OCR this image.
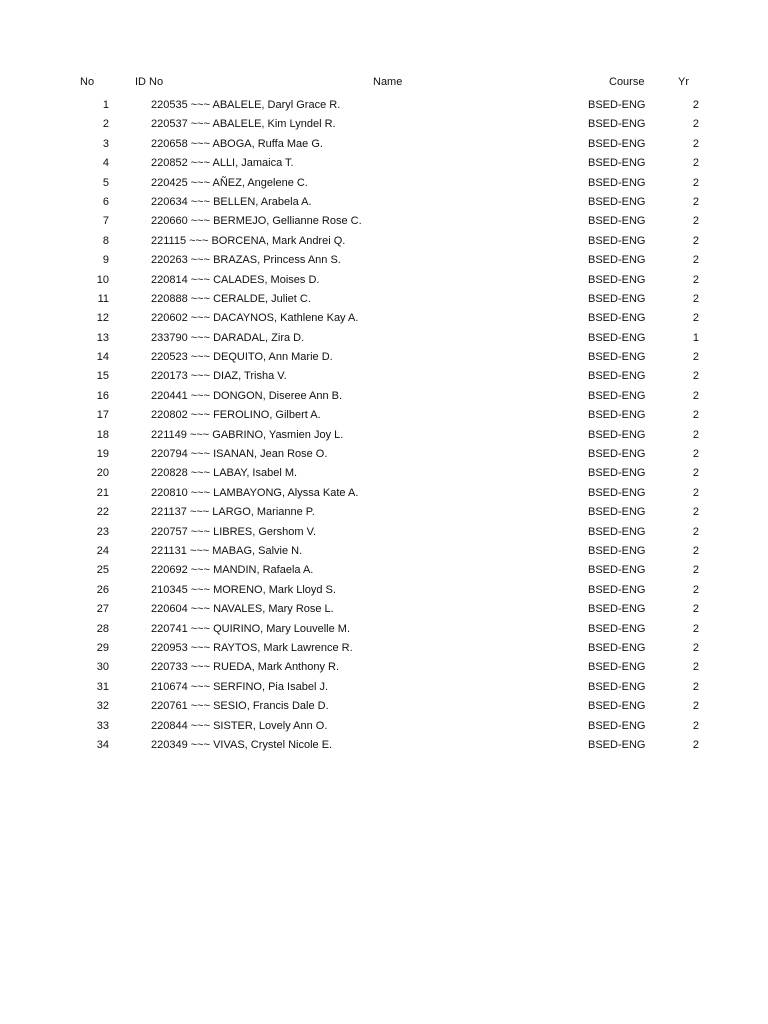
No	ID No	Name	Course	Yr
1	220535 ~~~ ABALELE, Daryl Grace R.	BSED-ENG	2
2	220537 ~~~ ABALELE, Kim Lyndel R.	BSED-ENG	2
3	220658 ~~~ ABOGA, Ruffa Mae G.	BSED-ENG	2
4	220852 ~~~ ALLI, Jamaica T.	BSED-ENG	2
5	220425 ~~~ AÑEZ, Angelene C.	BSED-ENG	2
6	220634 ~~~ BELLEN, Arabela A.	BSED-ENG	2
7	220660 ~~~ BERMEJO, Gellianne Rose C.	BSED-ENG	2
8	221115 ~~~ BORCENA, Mark Andrei Q.	BSED-ENG	2
9	220263 ~~~ BRAZAS, Princess Ann S.	BSED-ENG	2
10	220814 ~~~ CALADES, Moises D.	BSED-ENG	2
11	220888 ~~~ CERALDE, Juliet C.	BSED-ENG	2
12	220602 ~~~ DACAYNOS, Kathlene Kay A.	BSED-ENG	2
13	233790 ~~~ DARADAL, Zira D.	BSED-ENG	1
14	220523 ~~~ DEQUITO, Ann Marie D.	BSED-ENG	2
15	220173 ~~~ DIAZ, Trisha V.	BSED-ENG	2
16	220441 ~~~ DONGON, Diseree Ann B.	BSED-ENG	2
17	220802 ~~~ FEROLINO, Gilbert A.	BSED-ENG	2
18	221149 ~~~ GABRINO, Yasmien Joy L.	BSED-ENG	2
19	220794 ~~~ ISANAN, Jean Rose O.	BSED-ENG	2
20	220828 ~~~ LABAY, Isabel M.	BSED-ENG	2
21	220810 ~~~ LAMBAYONG, Alyssa Kate A.	BSED-ENG	2
22	221137 ~~~ LARGO, Marianne P.	BSED-ENG	2
23	220757 ~~~ LIBRES, Gershom V.	BSED-ENG	2
24	221131 ~~~ MABAG, Salvie N.	BSED-ENG	2
25	220692 ~~~ MANDIN, Rafaela A.	BSED-ENG	2
26	210345 ~~~ MORENO, Mark Lloyd S.	BSED-ENG	2
27	220604 ~~~ NAVALES, Mary Rose L.	BSED-ENG	2
28	220741 ~~~ QUIRINO, Mary Louvelle M.	BSED-ENG	2
29	220953 ~~~ RAYTOS, Mark Lawrence R.	BSED-ENG	2
30	220733 ~~~ RUEDA, Mark Anthony R.	BSED-ENG	2
31	210674 ~~~ SERFINO, Pia Isabel J.	BSED-ENG	2
32	220761 ~~~ SESIO, Francis Dale D.	BSED-ENG	2
33	220844 ~~~ SISTER, Lovely Ann O.	BSED-ENG	2
34	220349 ~~~ VIVAS, Crystel Nicole E.	BSED-ENG	2
